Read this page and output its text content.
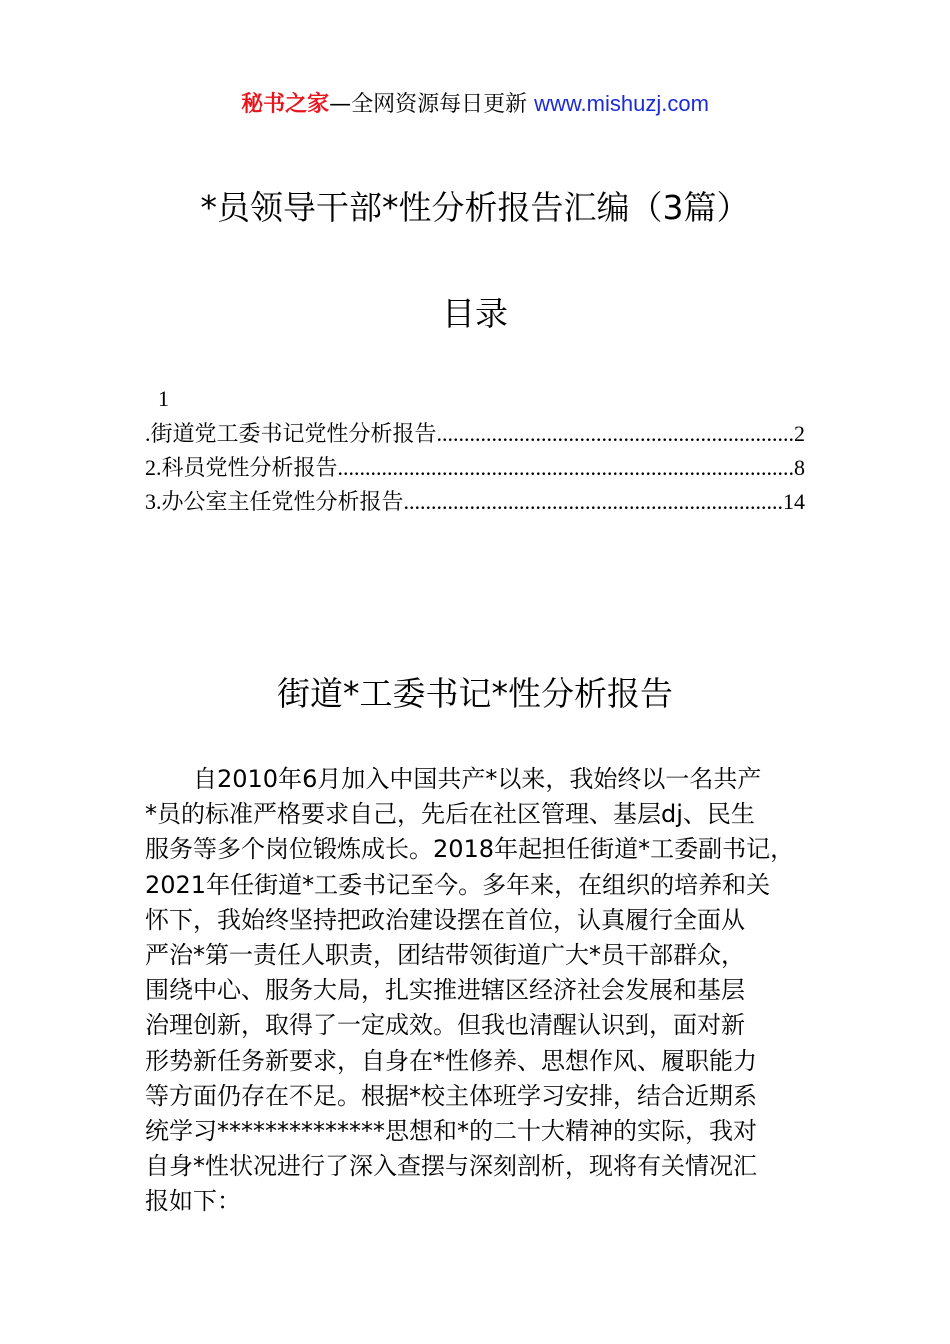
秘书之家—全网资源每日更新 www.mishuzj.com
*员领导干部*性分析报告汇编（3篇）
目录
1
. 街道党工委书记党性分析报告 .....	2
2. 科员党性分析报告 .....	8
3. 办公室主任党性分析报告 .....	14
街道*工委书记*性分析报告
自2010年6月加入中国共产*以来，我始终以一名共产
*员的标准严格要求自己，先后在社区管理、基层dj、民生
服务等多个岗位锻炼成长。2018年起担任街道*工委副书记，
2021年任街道*工委书记至今。多年来，在组织的培养和关
怀下，我始终坚持把政治建设摆在首位，认真履行全面从
严治*第一责任人职责，团结带领街道广大*员干部群众，
围绕中心、服务大局，扎实推进辖区经济社会发展和基层
治理创新，取得了一定成效。但我也清醒认识到，面对新
形势新任务新要求，自身在*性修养、思想作风、履职能力
等方面仍存在不足。根据*校主体班学习安排，结合近期系
统学习**************思想和*的二十大精神的实际，我对
自身*性状况进行了深入查摆与深刻剖析，现将有关情况汇
报如下：
